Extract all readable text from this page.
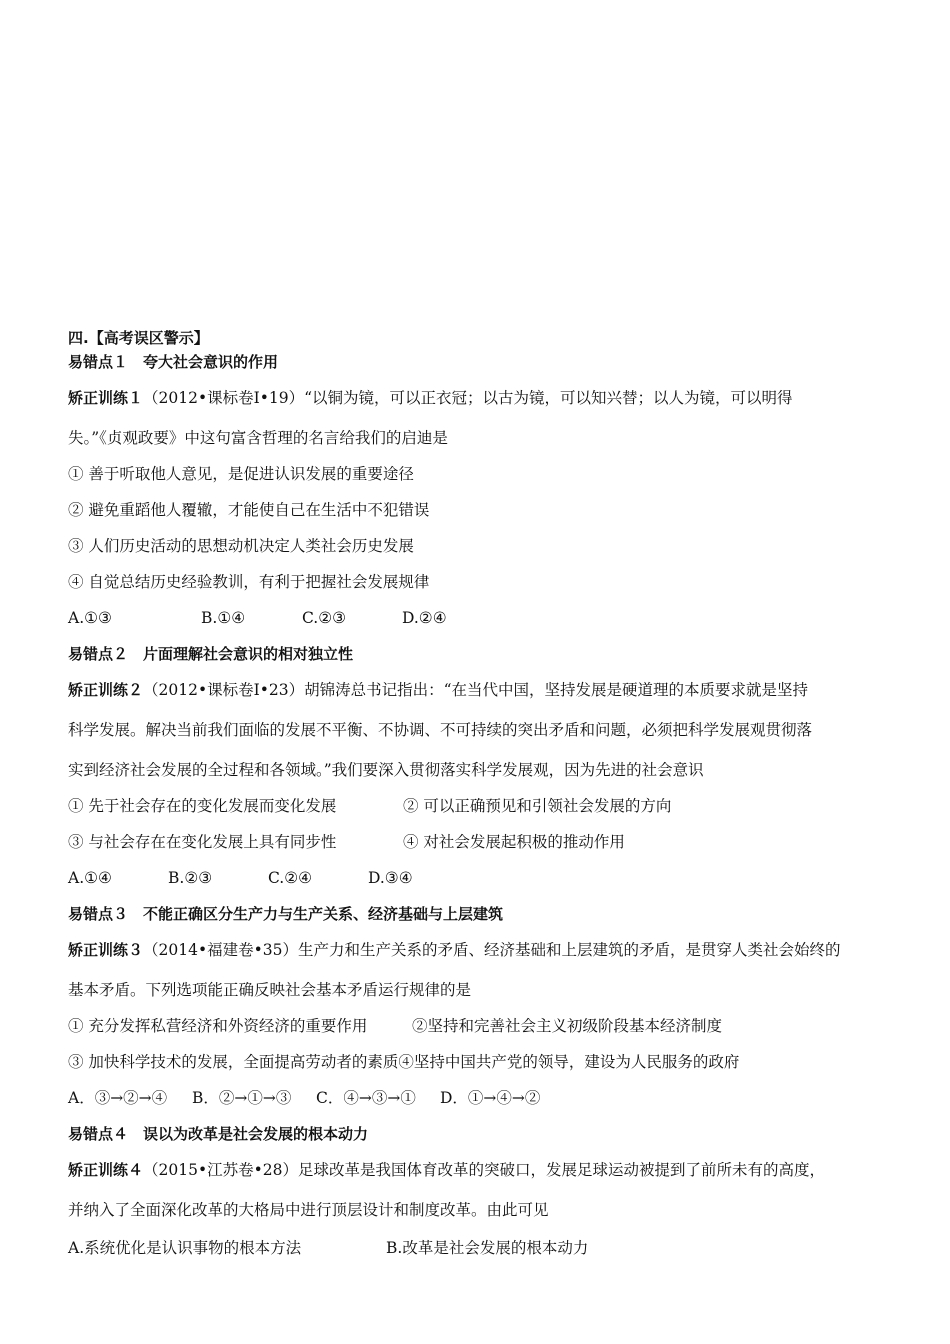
四.【高考误区警示】
易错点１　夸大社会意识的作用
矫正训练１（2012•课标卷Ⅰ•19）“以铜为镜，可以正衣冠；以古为镜，可以知兴替；以人为镜，可以明得
失。”《贞观政要》中这句富含哲理的名言给我们的启迪是
① 善于听取他人意见，是促进认识发展的重要途径
② 避免重蹈他人覆辙，才能使自己在生活中不犯错误
③ 人们历史活动的思想动机决定人类社会历史发展
④ 自觉总结历史经验教训，有利于把握社会发展规律
A.①③	B.①④	C.②③	D.②④
易错点２　片面理解社会意识的相对独立性
矫正训练２（2012•课标卷Ⅰ•23）胡锦涛总书记指出：“在当代中国，坚持发展是硬道理的本质要求就是坚持
科学发展。解决当前我们面临的发展不平衡、不协调、不可持续的突出矛盾和问题，必须把科学发展观贯彻落
实到经济社会发展的全过程和各领域。”我们要深入贯彻落实科学发展观，因为先进的社会意识
① 先于社会存在的变化发展而变化发展	② 可以正确预见和引领社会发展的方向
③ 与社会存在在变化发展上具有同步性	④ 对社会发展起积极的推动作用
A.①④	B.②③	C.②④	D.③④
易错点３　不能正确区分生产力与生产关系、经济基础与上层建筑
矫正训练３（2014•福建卷•35）生产力和生产关系的矛盾、经济基础和上层建筑的矛盾，是贯穿人类社会始终的
基本矛盾。下列选项能正确反映社会基本矛盾运行规律的是
① 充分发挥私营经济和外资经济的重要作用	②坚持和完善社会主义初级阶段基本经济制度
③ 加快科学技术的发展，全面提高劳动者的素质④坚持中国共产党的领导，建设为人民服务的政府
A．③→②→④ B．②→①→③ C．④→③→① D．①→④→②
易错点４　误以为改革是社会发展的根本动力
矫正训练４（2015•江苏卷•28）足球改革是我国体育改革的突破口，发展足球运动被提到了前所未有的高度，
并纳入了全面深化改革的大格局中进行顶层设计和制度改革。由此可见
A.系统优化是认识事物的根本方法	B.改革是社会发展的根本动力
